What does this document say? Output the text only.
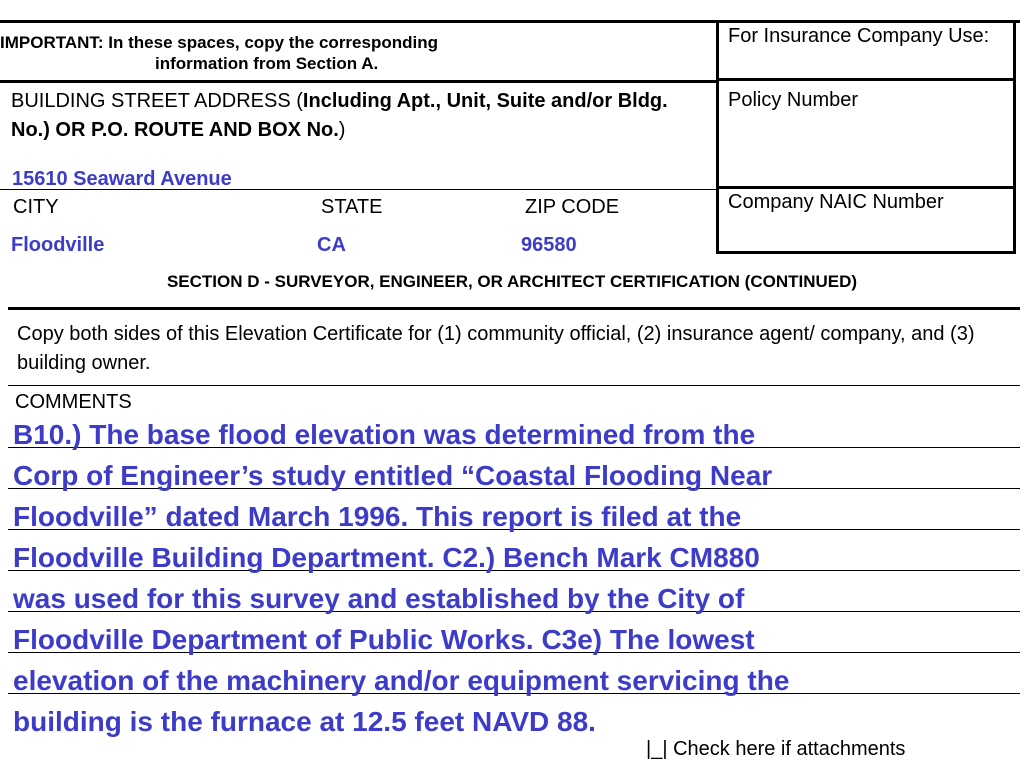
IMPORTANT: In these spaces, copy the corresponding
information from Section A.
For Insurance Company Use:
Policy Number
Company NAIC Number
BUILDING STREET ADDRESS (Including Apt., Unit, Suite and/or Bldg. No.) OR P.O. ROUTE AND BOX No.)
15610 Seaward Avenue
CITY	STATE	ZIP CODE
Floodville	CA	96580
SECTION D - SURVEYOR, ENGINEER, OR ARCHITECT CERTIFICATION (CONTINUED)
Copy both sides of this Elevation Certificate for (1) community official, (2) insurance agent/ company, and (3) building owner.
COMMENTS
B10.) The base flood elevation was determined from the
Corp of Engineer’s study entitled “Coastal Flooding Near
Floodville” dated March 1996. This report is filed at the
Floodville Building Department. C2.) Bench Mark CM880
was used for this survey and established by the City of
Floodville Department of Public Works. C3e) The lowest
elevation of the machinery and/or equipment servicing the
building is the furnace at 12.5 feet NAVD 88.
|_| Check here if attachments
